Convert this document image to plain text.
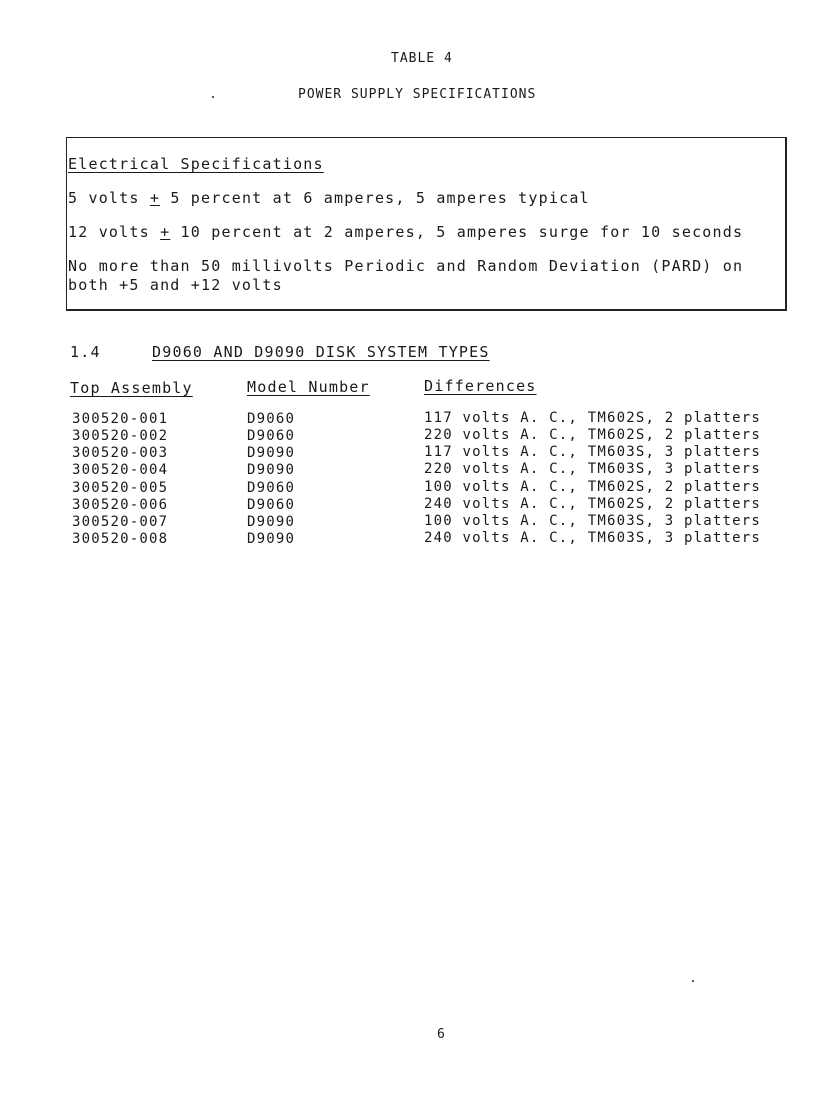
TABLE 4
POWER SUPPLY SPECIFICATIONS
Electrical Specifications
5 volts + 5 percent at 6 amperes, 5 amperes typical
12 volts + 10 percent at 2 amperes, 5 amperes surge for 10 seconds
No more than 50 millivolts Periodic and Random Deviation (PARD) on
both +5 and +12 volts
1.4	D9060 AND D9090 DISK SYSTEM TYPES
Top Assembly	Model Number	Differences
300520-001	D9060	117 volts A. C., TM602S, 2 platters
300520-002	D9060	220 volts A. C., TM602S, 2 platters
300520-003	D9090	117 volts A. C., TM603S, 3 platters
300520-004	D9090	220 volts A. C., TM603S, 3 platters
300520-005	D9060	100 volts A. C., TM602S, 2 platters
300520-006	D9060	240 volts A. C., TM602S, 2 platters
300520-007	D9090	100 volts A. C., TM603S, 3 platters
300520-008	D9090	240 volts A. C., TM603S, 3 platters
6
